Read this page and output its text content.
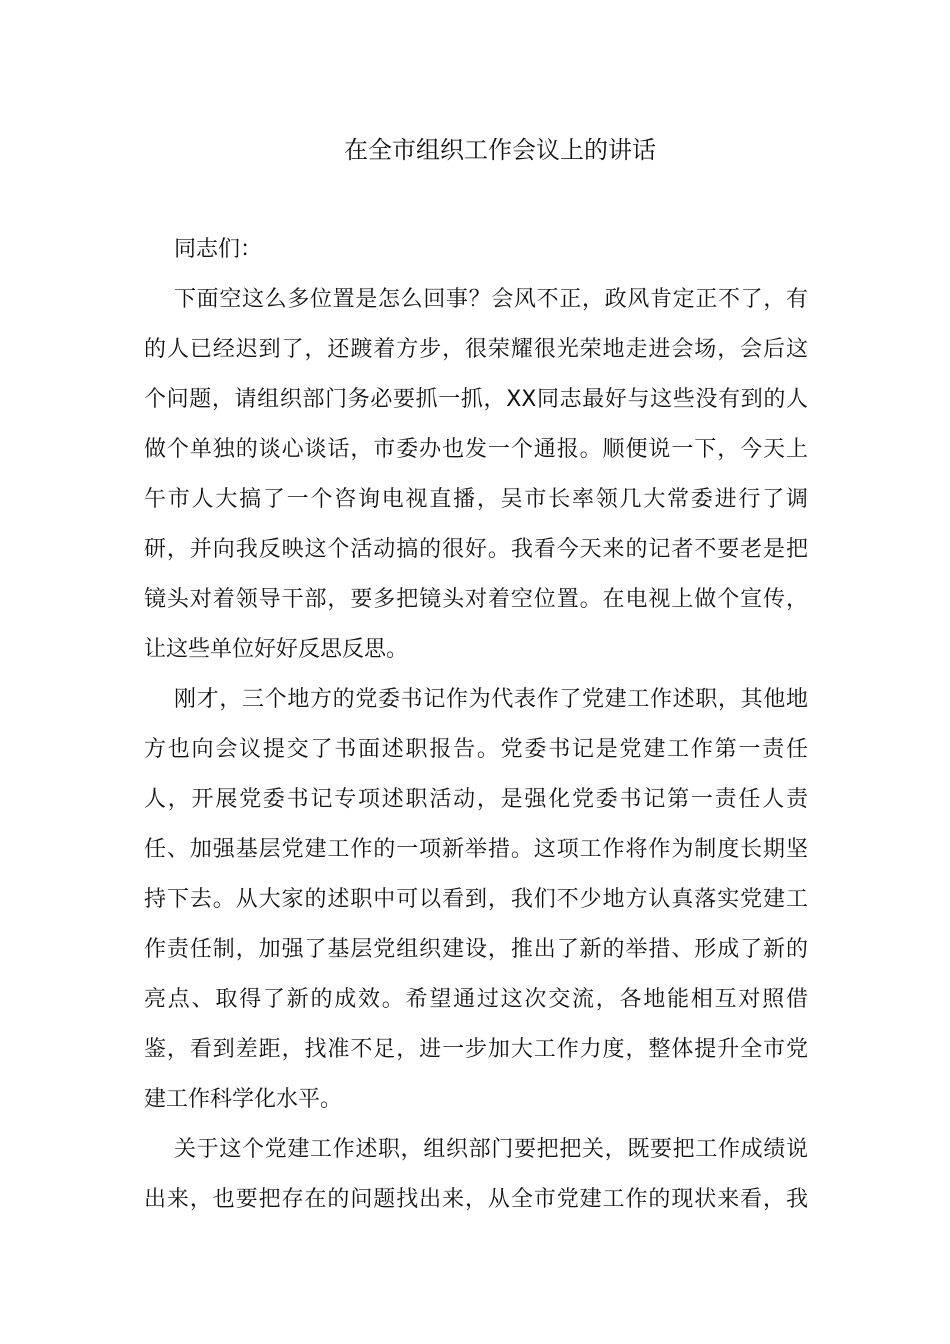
在全市组织工作会议上的讲话
同志们：
下面空这么多位置是怎么回事？会风不正，政风肯定正不了，有
的人已经迟到了，还踱着方步，很荣耀很光荣地走进会场，会后这
个问题，请组织部门务必要抓一抓，XX同志最好与这些没有到的人
做个单独的谈心谈话，市委办也发一个通报。顺便说一下，今天上
午市人大搞了一个咨询电视直播，吴市长率领几大常委进行了调
研，并向我反映这个活动搞的很好。我看今天来的记者不要老是把
镜头对着领导干部，要多把镜头对着空位置。在电视上做个宣传，
让这些单位好好反思反思。
刚才，三个地方的党委书记作为代表作了党建工作述职，其他地
方也向会议提交了书面述职报告。党委书记是党建工作第一责任
人，开展党委书记专项述职活动，是强化党委书记第一责任人责
任、加强基层党建工作的一项新举措。这项工作将作为制度长期坚
持下去。从大家的述职中可以看到，我们不少地方认真落实党建工
作责任制，加强了基层党组织建设，推出了新的举措、形成了新的
亮点、取得了新的成效。希望通过这次交流，各地能相互对照借
鉴，看到差距，找准不足，进一步加大工作力度，整体提升全市党
建工作科学化水平。
关于这个党建工作述职，组织部门要把把关，既要把工作成绩说
出来，也要把存在的问题找出来，从全市党建工作的现状来看，我
